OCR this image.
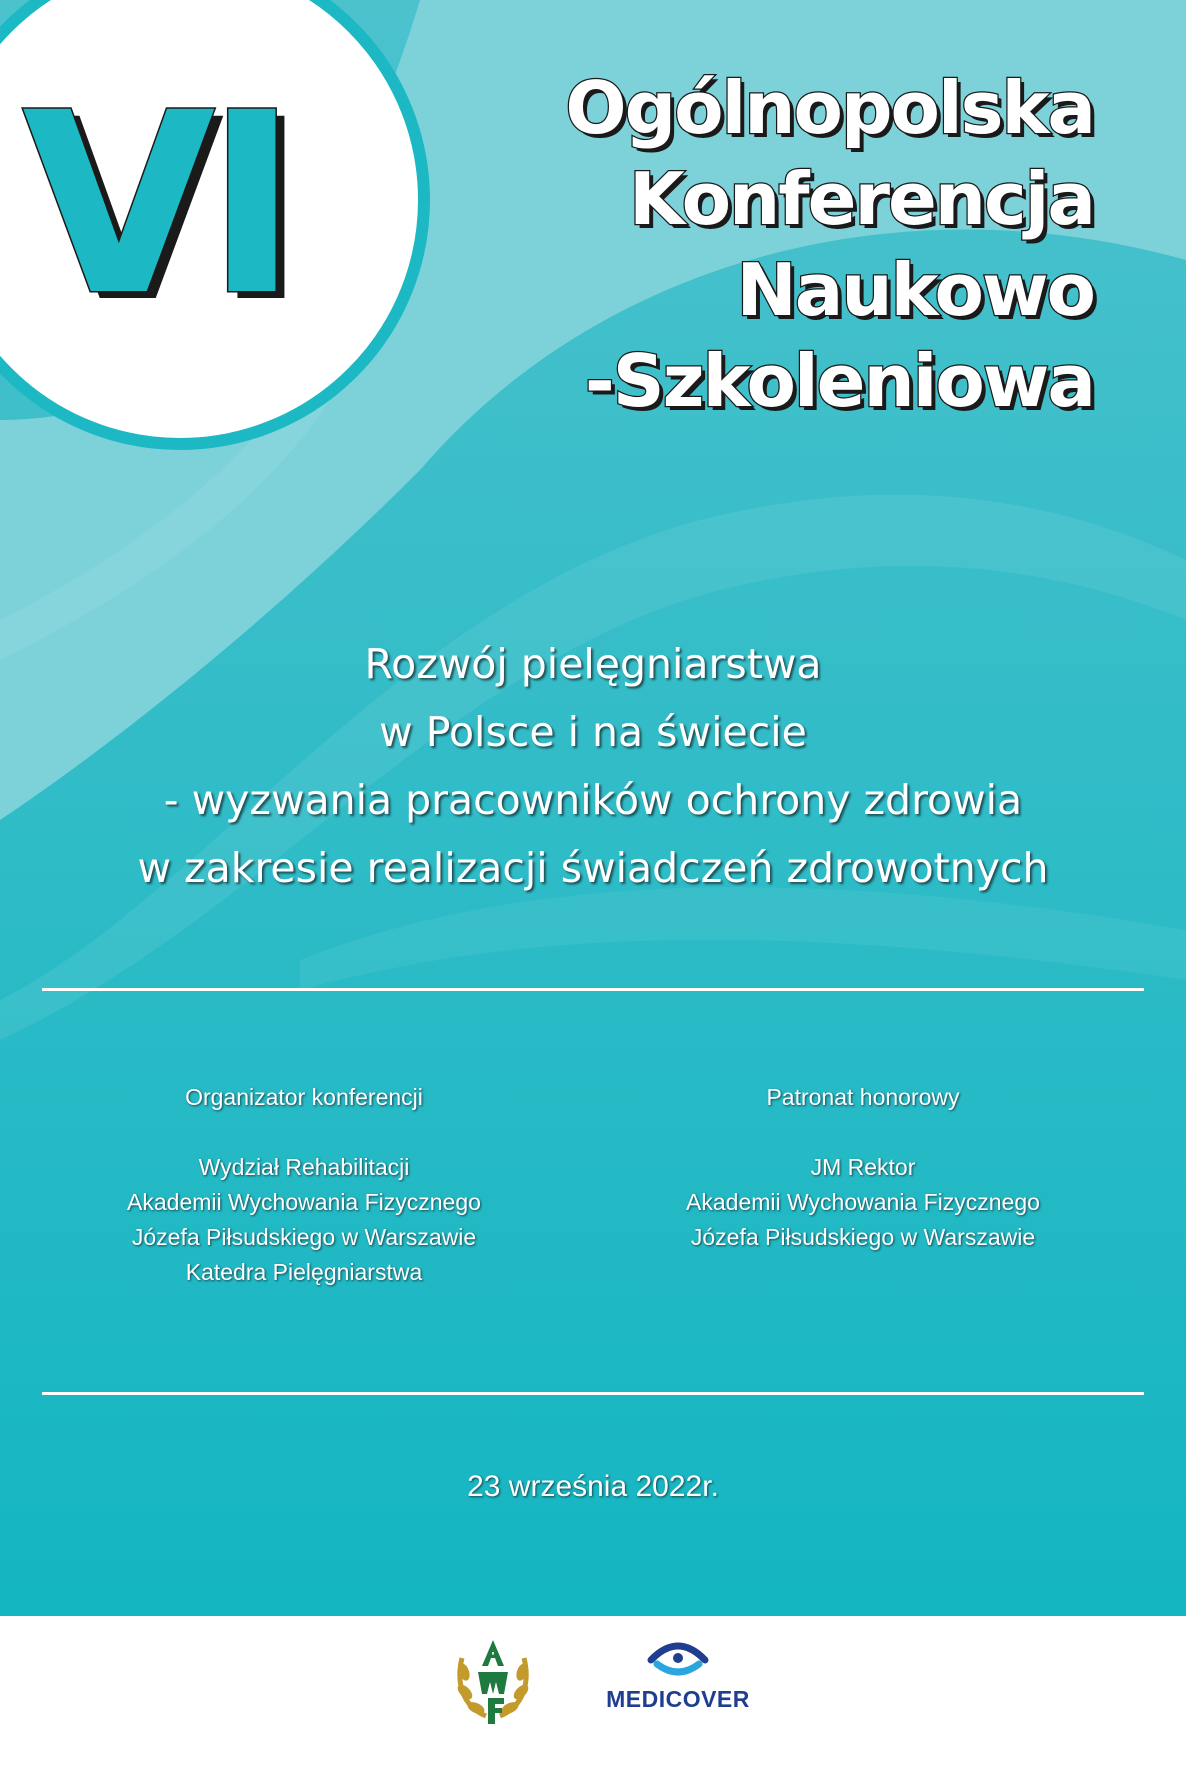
VI	Ogólnopolska
Konferencja
Naukowo
-Szkoleniowa
Rozwój pielęgniarstwa
w Polsce i na świecie
- wyzwania pracowników ochrony zdrowia
w zakresie realizacji świadczeń zdrowotnych
Organizator konferencji
Wydział Rehabilitacji
Akademii Wychowania Fizycznego
Józefa Piłsudskiego w Warszawie
Katedra Pielęgniarstwa
Patronat honorowy
JM Rektor
Akademii Wychowania Fizycznego
Józefa Piłsudskiego w Warszawie
23 września 2022r.
MEDICOVER
